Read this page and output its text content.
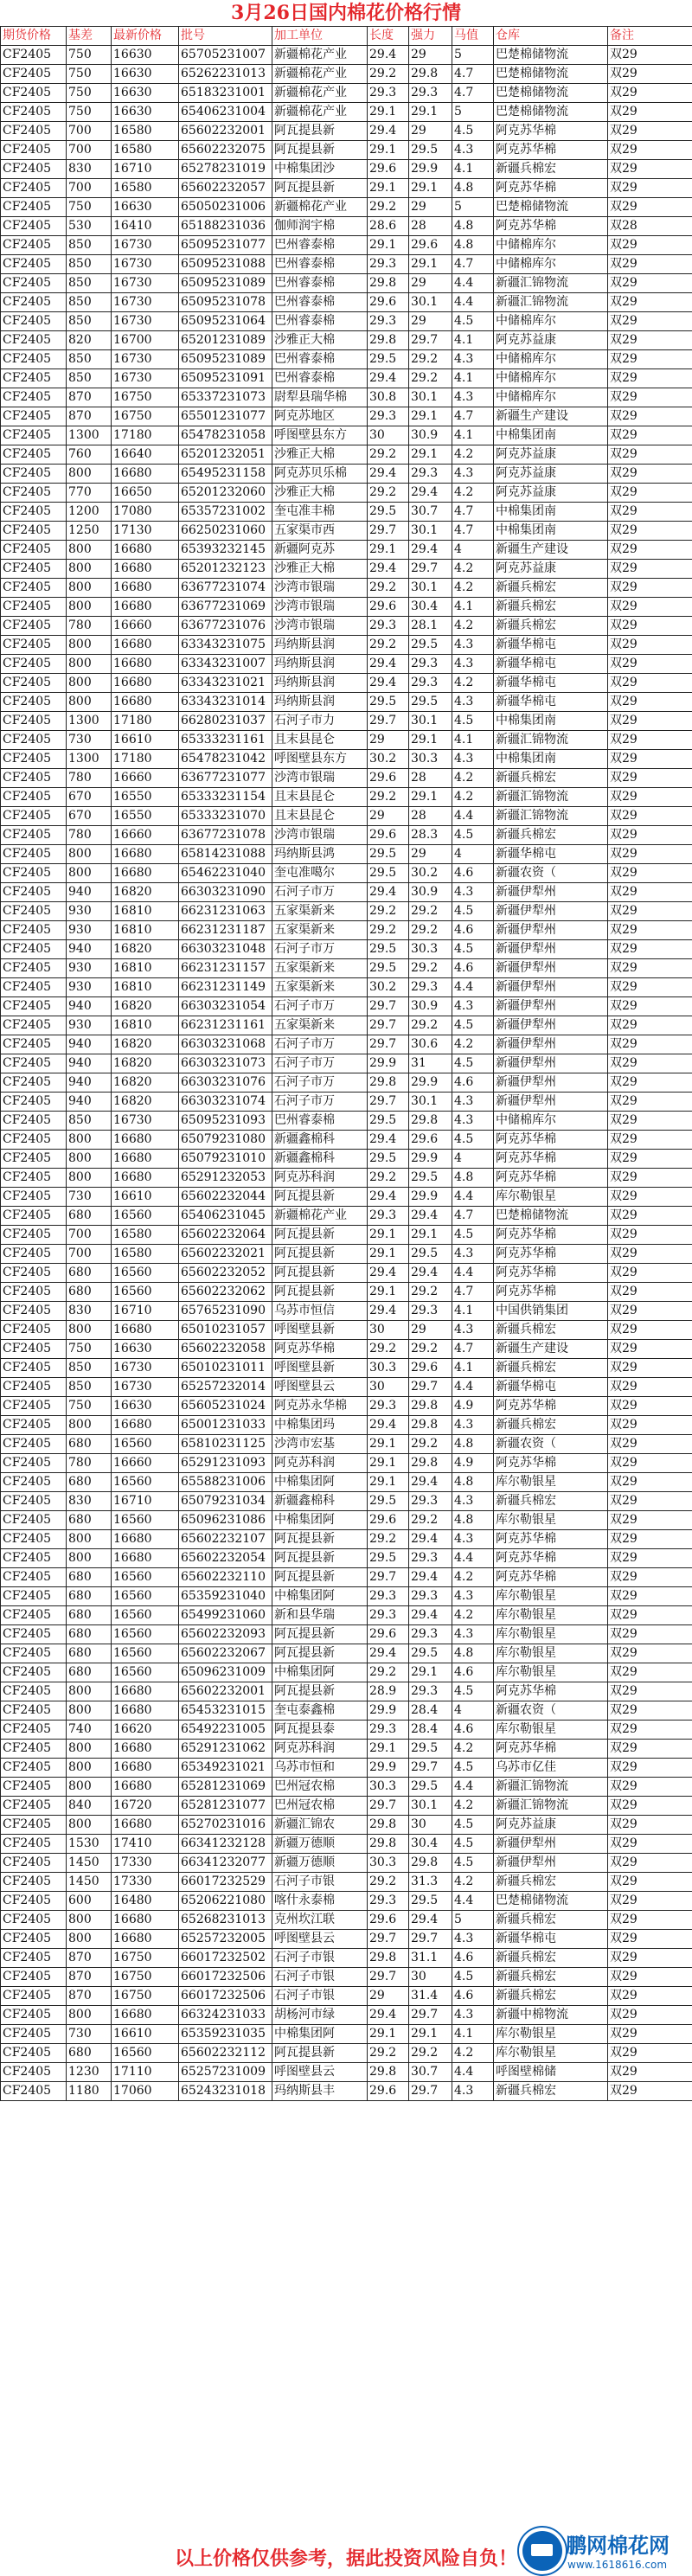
3月26日国内棉花价格行情
期货价格	基差	最新价格	批号	加工单位	长度	强力	马值	仓库	备注
CF2405	750	16630	65705231007	新疆棉花产业	29.4	29	5	巴楚棉储物流	双29
CF2405	750	16630	65262231013	新疆棉花产业	29.2	29.8	4.7	巴楚棉储物流	双29
CF2405	750	16630	65183231001	新疆棉花产业	29.3	29.3	4.7	巴楚棉储物流	双29
CF2405	750	16630	65406231004	新疆棉花产业	29.1	29.1	5	巴楚棉储物流	双29
CF2405	700	16580	65602232001	阿瓦提县新	29.4	29	4.5	阿克苏华棉	双29
CF2405	700	16580	65602232075	阿瓦提县新	29.1	29.5	4.3	阿克苏华棉	双29
CF2405	830	16710	65278231019	中棉集团沙	29.6	29.9	4.1	新疆兵棉宏	双29
CF2405	700	16580	65602232057	阿瓦提县新	29.1	29.1	4.8	阿克苏华棉	双29
CF2405	750	16630	65050231006	新疆棉花产业	29.2	29	5	巴楚棉储物流	双29
CF2405	530	16410	65188231036	伽师润宇棉	28.6	28	4.8	阿克苏华棉	双28
CF2405	850	16730	65095231077	巴州睿泰棉	29.1	29.6	4.8	中储棉库尔	双29
CF2405	850	16730	65095231088	巴州睿泰棉	29.3	29.1	4.7	中储棉库尔	双29
CF2405	850	16730	65095231089	巴州睿泰棉	29.8	29	4.4	新疆汇锦物流	双29
CF2405	850	16730	65095231078	巴州睿泰棉	29.6	30.1	4.4	新疆汇锦物流	双29
CF2405	850	16730	65095231064	巴州睿泰棉	29.3	29	4.5	中储棉库尔	双29
CF2405	820	16700	65201231089	沙雅正大棉	29.8	29.7	4.1	阿克苏益康	双29
CF2405	850	16730	65095231089	巴州睿泰棉	29.5	29.2	4.3	中储棉库尔	双29
CF2405	850	16730	65095231091	巴州睿泰棉	29.4	29.2	4.1	中储棉库尔	双29
CF2405	870	16750	65337231073	尉犁县瑞华棉	30.8	30.1	4.3	中储棉库尔	双29
CF2405	870	16750	65501231077	阿克苏地区	29.3	29.1	4.7	新疆生产建设	双29
CF2405	1300	17180	65478231058	呼图壁县东方	30	30.9	4.1	中棉集团南	双29
CF2405	760	16640	65201232051	沙雅正大棉	29.2	29.1	4.2	阿克苏益康	双29
CF2405	800	16680	65495231158	阿克苏贝乐棉	29.4	29.3	4.3	阿克苏益康	双29
CF2405	770	16650	65201232060	沙雅正大棉	29.2	29.4	4.2	阿克苏益康	双29
CF2405	1200	17080	65357231002	奎屯准丰棉	29.5	30.7	4.7	中棉集团南	双29
CF2405	1250	17130	66250231060	五家渠市西	29.7	30.1	4.7	中棉集团南	双29
CF2405	800	16680	65393232145	新疆阿克苏	29.1	29.4	4	新疆生产建设	双29
CF2405	800	16680	65201232123	沙雅正大棉	29.4	29.7	4.2	阿克苏益康	双29
CF2405	800	16680	63677231074	沙湾市银瑞	29.2	30.1	4.2	新疆兵棉宏	双29
CF2405	800	16680	63677231069	沙湾市银瑞	29.6	30.4	4.1	新疆兵棉宏	双29
CF2405	780	16660	63677231076	沙湾市银瑞	29.3	28.1	4.2	新疆兵棉宏	双29
CF2405	800	16680	63343231075	玛纳斯县润	29.2	29.5	4.3	新疆华棉屯	双29
CF2405	800	16680	63343231007	玛纳斯县润	29.4	29.3	4.3	新疆华棉屯	双29
CF2405	800	16680	63343231021	玛纳斯县润	29.4	29.3	4.2	新疆华棉屯	双29
CF2405	800	16680	63343231014	玛纳斯县润	29.5	29.5	4.3	新疆华棉屯	双29
CF2405	1300	17180	66280231037	石河子市力	29.7	30.1	4.5	中棉集团南	双29
CF2405	730	16610	65333231161	且末县昆仑	29	29.1	4.1	新疆汇锦物流	双29
CF2405	1300	17180	65478231042	呼图壁县东方	30.2	30.3	4.3	中棉集团南	双29
CF2405	780	16660	63677231077	沙湾市银瑞	29.6	28	4.2	新疆兵棉宏	双29
CF2405	670	16550	65333231154	且末县昆仑	29.2	29.1	4.2	新疆汇锦物流	双29
CF2405	670	16550	65333231070	且末县昆仑	29	28	4.4	新疆汇锦物流	双29
CF2405	780	16660	63677231078	沙湾市银瑞	29.6	28.3	4.5	新疆兵棉宏	双29
CF2405	800	16680	65814231088	玛纳斯县鸿	29.5	29	4	新疆华棉屯	双29
CF2405	800	16680	65462231040	奎屯准噶尔	29.5	30.2	4.6	新疆农资（	双29
CF2405	940	16820	66303231090	石河子市万	29.4	30.9	4.3	新疆伊犁州	双29
CF2405	930	16810	66231231063	五家渠新来	29.2	29.2	4.5	新疆伊犁州	双29
CF2405	930	16810	66231231187	五家渠新来	29.2	29.2	4.6	新疆伊犁州	双29
CF2405	940	16820	66303231048	石河子市万	29.5	30.3	4.5	新疆伊犁州	双29
CF2405	930	16810	66231231157	五家渠新来	29.5	29.2	4.6	新疆伊犁州	双29
CF2405	930	16810	66231231149	五家渠新来	30.2	29.3	4.4	新疆伊犁州	双29
CF2405	940	16820	66303231054	石河子市万	29.7	30.9	4.3	新疆伊犁州	双29
CF2405	930	16810	66231231161	五家渠新来	29.7	29.2	4.5	新疆伊犁州	双29
CF2405	940	16820	66303231068	石河子市万	29.7	30.6	4.2	新疆伊犁州	双29
CF2405	940	16820	66303231073	石河子市万	29.9	31	4.5	新疆伊犁州	双29
CF2405	940	16820	66303231076	石河子市万	29.8	29.9	4.6	新疆伊犁州	双29
CF2405	940	16820	66303231074	石河子市万	29.7	30.1	4.3	新疆伊犁州	双29
CF2405	850	16730	65095231093	巴州睿泰棉	29.5	29.8	4.3	中储棉库尔	双29
CF2405	800	16680	65079231080	新疆鑫棉科	29.4	29.6	4.5	阿克苏华棉	双29
CF2405	800	16680	65079231010	新疆鑫棉科	29.5	29.9	4	阿克苏华棉	双29
CF2405	800	16680	65291232053	阿克苏科润	29.2	29.5	4.8	阿克苏华棉	双29
CF2405	730	16610	65602232044	阿瓦提县新	29.4	29.9	4.4	库尔勒银星	双29
CF2405	680	16560	65406231045	新疆棉花产业	29.3	29.4	4.7	巴楚棉储物流	双29
CF2405	700	16580	65602232064	阿瓦提县新	29.1	29.1	4.5	阿克苏华棉	双29
CF2405	700	16580	65602232021	阿瓦提县新	29.1	29.5	4.3	阿克苏华棉	双29
CF2405	680	16560	65602232052	阿瓦提县新	29.4	29.4	4.4	阿克苏华棉	双29
CF2405	680	16560	65602232062	阿瓦提县新	29.1	29.2	4.7	阿克苏华棉	双29
CF2405	830	16710	65765231090	乌苏市恒信	29.4	29.3	4.1	中国供销集团	双29
CF2405	800	16680	65010231057	呼图壁县新	30	29	4.3	新疆兵棉宏	双29
CF2405	750	16630	65602232058	阿克苏华棉	29.2	29.2	4.7	新疆生产建设	双29
CF2405	850	16730	65010231011	呼图壁县新	30.3	29.6	4.1	新疆兵棉宏	双29
CF2405	850	16730	65257232014	呼图壁县云	30	29.7	4.4	新疆华棉屯	双29
CF2405	750	16630	65605231024	阿克苏永华棉	29.3	29.8	4.9	阿克苏华棉	双29
CF2405	800	16680	65001231033	中棉集团玛	29.4	29.8	4.3	新疆兵棉宏	双29
CF2405	680	16560	65810231125	沙湾市宏基	29.1	29.2	4.8	新疆农资（	双29
CF2405	780	16660	65291231093	阿克苏科润	29.1	29.8	4.9	阿克苏华棉	双29
CF2405	680	16560	65588231006	中棉集团阿	29.1	29.4	4.8	库尔勒银星	双29
CF2405	830	16710	65079231034	新疆鑫棉科	29.5	29.3	4.3	新疆兵棉宏	双29
CF2405	680	16560	65096231086	中棉集团阿	29.6	29.2	4.8	库尔勒银星	双29
CF2405	800	16680	65602232107	阿瓦提县新	29.2	29.4	4.3	阿克苏华棉	双29
CF2405	800	16680	65602232054	阿瓦提县新	29.5	29.3	4.4	阿克苏华棉	双29
CF2405	680	16560	65602232110	阿瓦提县新	29.7	29.4	4.2	阿克苏华棉	双29
CF2405	680	16560	65359231040	中棉集团阿	29.3	29.3	4.3	库尔勒银星	双29
CF2405	680	16560	65499231060	新和县华瑞	29.3	29.4	4.2	库尔勒银星	双29
CF2405	680	16560	65602232093	阿瓦提县新	29.6	29.3	4.3	库尔勒银星	双29
CF2405	680	16560	65602232067	阿瓦提县新	29.4	29.5	4.8	库尔勒银星	双29
CF2405	680	16560	65096231009	中棉集团阿	29.2	29.1	4.6	库尔勒银星	双29
CF2405	800	16680	65602232001	阿瓦提县新	28.9	29.3	4.5	阿克苏华棉	双29
CF2405	800	16680	65453231015	奎屯泰鑫棉	29.9	28.4	4	新疆农资（	双29
CF2405	740	16620	65492231005	阿瓦提县泰	29.3	28.4	4.6	库尔勒银星	双29
CF2405	800	16680	65291231062	阿克苏科润	29.1	29.5	4.2	阿克苏华棉	双29
CF2405	800	16680	65349231021	乌苏市恒和	29.9	29.7	4.5	乌苏市亿佳	双29
CF2405	800	16680	65281231069	巴州冠农棉	30.3	29.5	4.4	新疆汇锦物流	双29
CF2405	840	16720	65281231077	巴州冠农棉	29.7	30.1	4.2	新疆汇锦物流	双29
CF2405	800	16680	65270231016	新疆汇锦农	29.8	30	4.5	阿克苏益康	双29
CF2405	1530	17410	66341232128	新疆万德顺	29.8	30.4	4.5	新疆伊犁州	双29
CF2405	1450	17330	66341232077	新疆万德顺	30.3	29.8	4.5	新疆伊犁州	双29
CF2405	1450	17330	66017232529	石河子市银	29.2	31.3	4.2	新疆兵棉宏	双29
CF2405	600	16480	65206221080	喀什永泰棉	29.3	29.5	4.4	巴楚棉储物流	双29
CF2405	800	16680	65268231013	克州坎江联	29.6	29.4	5	新疆兵棉宏	双29
CF2405	800	16680	65257232005	呼图壁县云	29.7	29.7	4.3	新疆华棉屯	双29
CF2405	870	16750	66017232502	石河子市银	29.8	31.1	4.6	新疆兵棉宏	双29
CF2405	870	16750	66017232506	石河子市银	29.7	30	4.5	新疆兵棉宏	双29
CF2405	870	16750	66017232506	石河子市银	29	31.4	4.6	新疆兵棉宏	双29
CF2405	800	16680	66324231033	胡杨河市绿	29.4	29.7	4.3	新疆中棉物流	双29
CF2405	730	16610	65359231035	中棉集团阿	29.1	29.1	4.1	库尔勒银星	双29
CF2405	680	16560	65602232112	阿瓦提县新	29.2	29.2	4.2	库尔勒银星	双29
CF2405	1230	17110	65257231009	呼图壁县云	29.8	30.7	4.4	呼图壁棉储	双29
CF2405	1180	17060	65243231018	玛纳斯县丰	29.6	29.7	4.3	新疆兵棉宏	双29
以上价格仅供参考，据此投资风险自负！
鹏网棉花网
www.1618616.com
